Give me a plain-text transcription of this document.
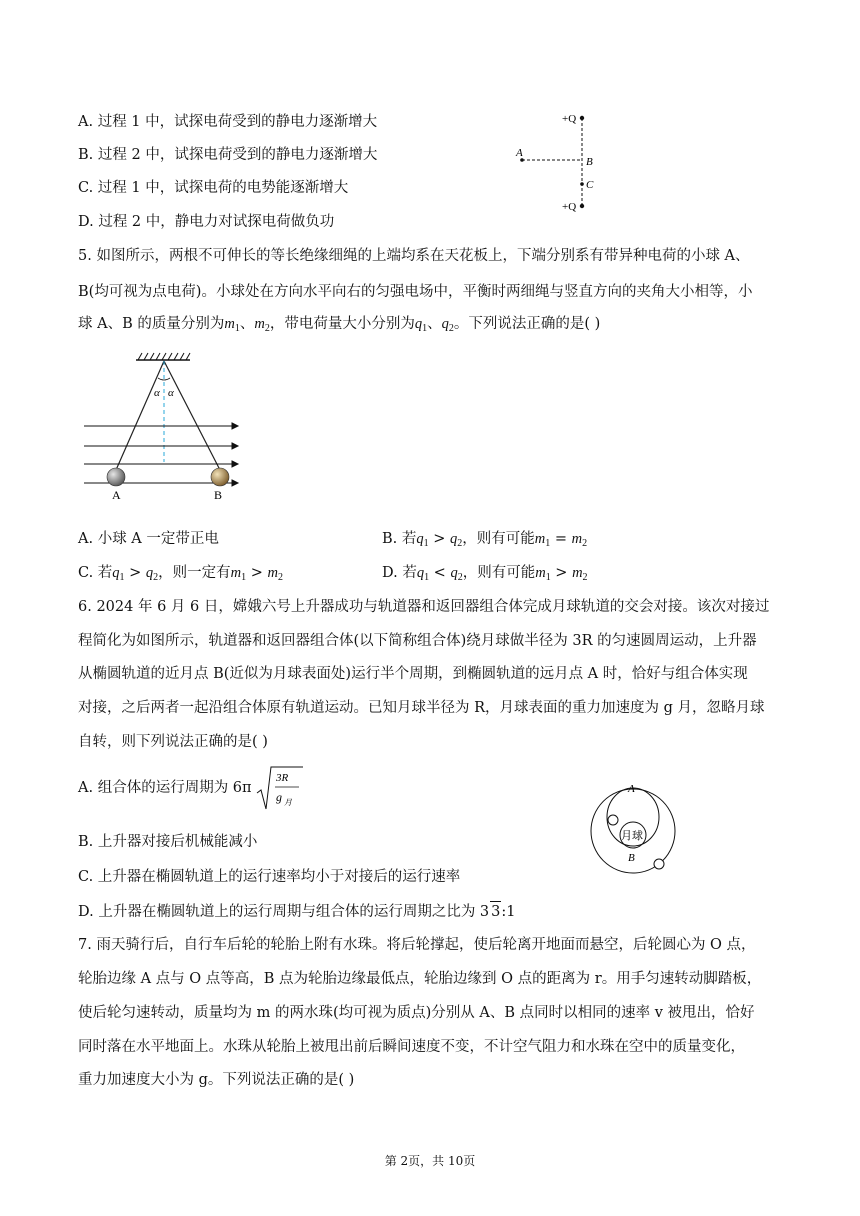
A. 过程 1 中，试探电荷受到的静电力逐渐增大
B. 过程 2 中，试探电荷受到的静电力逐渐增大
C. 过程 1 中，试探电荷的电势能逐渐增大
D. 过程 2 中，静电力对试探电荷做负功
+Q
A
B
C
+Q
5. 如图所示，两根不可伸长的等长绝缘细绳的上端均系在天花板上，下端分别系有带异种电荷的小球 A、
B(均可视为点电荷)。小球处在方向水平向右的匀强电场中，平衡时两细绳与竖直方向的夹角大小相等，小
球 A、B 的质量分别为$m_1$、$m_2$，带电荷量大小分别为$q_1$、$q_2$。下列说法正确的是( )
α α
A	B
A. 小球 A 一定带正电	B. 若$q_1 > q_2$，则有可能$m_1 = m_2$
C. 若$q_1 > q_2$，则一定有$m_1 > m_2$	D. 若$q_1 < q_2$，则有可能$m_1 > m_2$
6. 2024 年 6 月 6 日，嫦娥六号上升器成功与轨道器和返回器组合体完成月球轨道的交会对接。该次对接过
程简化为如图所示，轨道器和返回器组合体(以下简称组合体)绕月球做半径为 3R 的匀速圆周运动，上升器
从椭圆轨道的近月点 B(近似为月球表面处)运行半个周期，到椭圆轨道的远月点 A 时，恰好与组合体实现
对接，之后两者一起沿组合体原有轨道运动。已知月球半径为 R，月球表面的重力加速度为 g 月，忽略月球
自转，则下列说法正确的是( )
A. 组合体的运行周期为 6π
3R
g 月
B. 上升器对接后机械能减小
C. 上升器在椭圆轨道上的运行速率均小于对接后的运行速率
D. 上升器在椭圆轨道上的运行周期与组合体的运行周期之比为 3 3:1
月球
A
B
7. 雨天骑行后，自行车后轮的轮胎上附有水珠。将后轮撑起，使后轮离开地面而悬空，后轮圆心为 O 点，
轮胎边缘 A 点与 O 点等高，B 点为轮胎边缘最低点，轮胎边缘到 O 点的距离为 r。用手匀速转动脚踏板，
使后轮匀速转动，质量均为 m 的两水珠(均可视为质点)分别从 A、B 点同时以相同的速率 v 被甩出，恰好
同时落在水平地面上。水珠从轮胎上被甩出前后瞬间速度不变，不计空气阻力和水珠在空中的质量变化，
重力加速度大小为 g。下列说法正确的是( )
第 2页，共 10页
